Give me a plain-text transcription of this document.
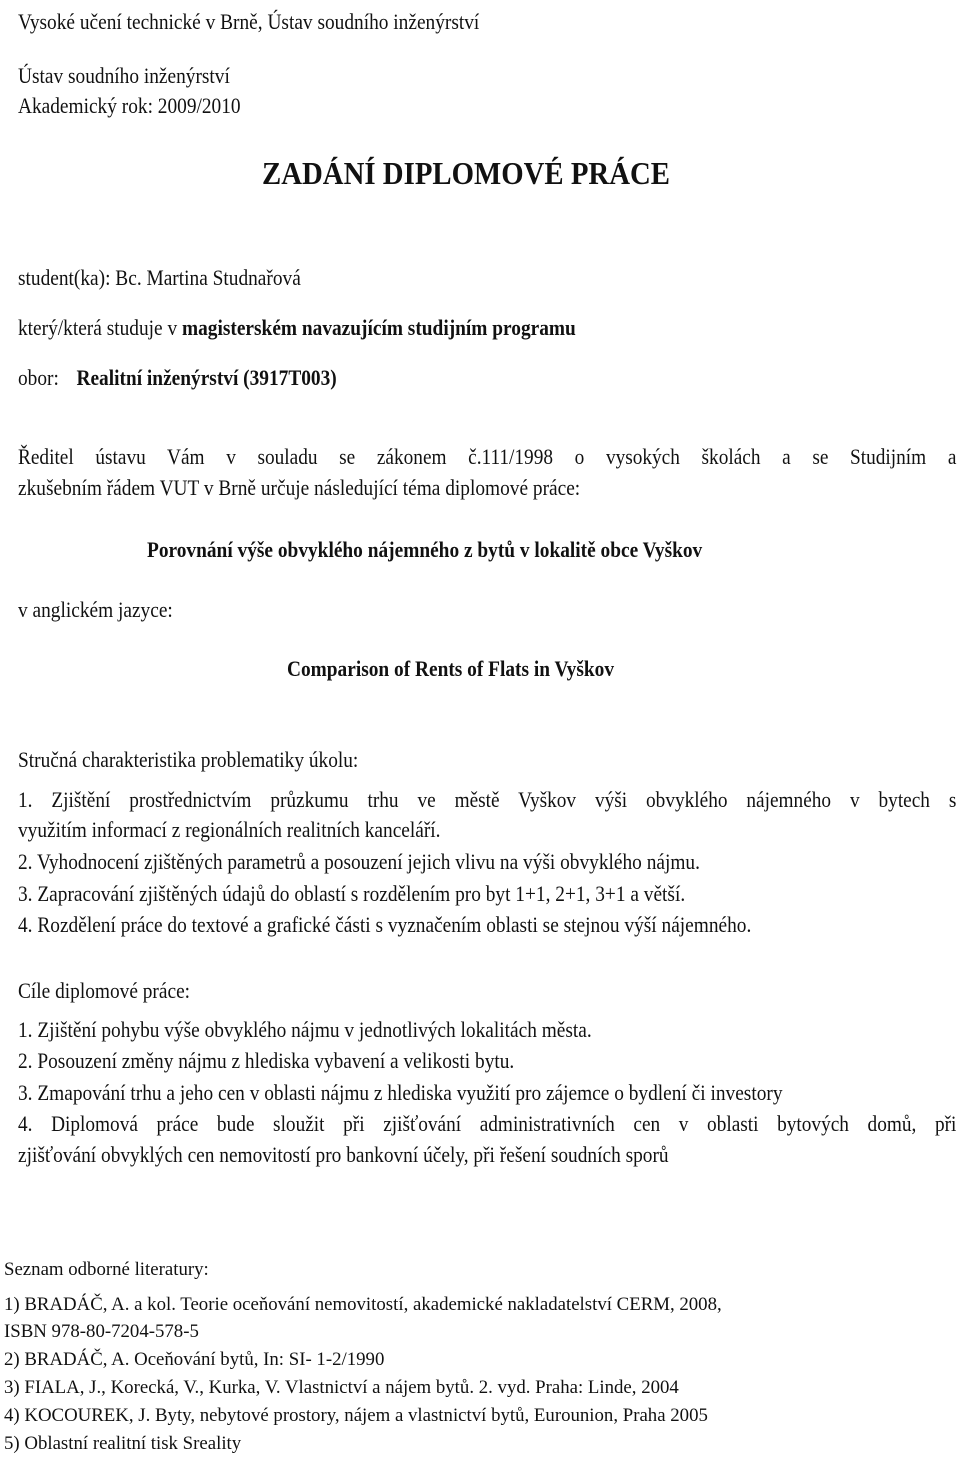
Vysoké učení technické v Brně, Ústav soudního inženýrství
Ústav soudního inženýrství
Akademický rok: 2009/2010
ZADÁNÍ DIPLOMOVÉ PRÁCE
student(ka): Bc. Martina Studnařová
který/která studuje v magisterském navazujícím studijním programu
obor: Realitní inženýrství (3917T003)
Ředitel ústavu Vám v souladu se zákonem č.111/1998 o vysokých školách a se Studijním a
zkušebním řádem VUT v Brně určuje následující téma diplomové práce:
Porovnání výše obvyklého nájemného z bytů v lokalitě obce Vyškov
v anglickém jazyce:
Comparison of Rents of Flats in Vyškov
Stručná charakteristika problematiky úkolu:
1. Zjištění prostřednictvím průzkumu trhu ve městě Vyškov výši obvyklého nájemného v bytech s
využitím informací z regionálních realitních kanceláří.
2. Vyhodnocení zjištěných parametrů a posouzení jejich vlivu na výši obvyklého nájmu.
3. Zapracování zjištěných údajů do oblastí s rozdělením pro byt 1+1, 2+1, 3+1 a větší.
4. Rozdělení práce do textové a grafické části s vyznačením oblasti se stejnou výší nájemného.
Cíle diplomové práce:
1. Zjištění pohybu výše obvyklého nájmu v jednotlivých lokalitách města.
2. Posouzení změny nájmu z hlediska vybavení a velikosti bytu.
3. Zmapování trhu a jeho cen v oblasti nájmu z hlediska využití pro zájemce o bydlení či investory
4. Diplomová práce bude sloužit při zjišťování administrativních cen v oblasti bytových domů, při
zjišťování obvyklých cen nemovitostí pro bankovní účely, při řešení soudních sporů
Seznam odborné literatury:
1) BRADÁČ, A. a kol. Teorie oceňování nemovitostí, akademické nakladatelství CERM, 2008,
ISBN 978-80-7204-578-5
2) BRADÁČ, A. Oceňování bytů, In: SI- 1-2/1990
3) FIALA, J., Korecká, V., Kurka, V. Vlastnictví a nájem bytů. 2. vyd. Praha: Linde, 2004
4) KOCOUREK, J. Byty, nebytové prostory, nájem a vlastnictví bytů, Eurounion, Praha 2005
5) Oblastní realitní tisk Sreality
